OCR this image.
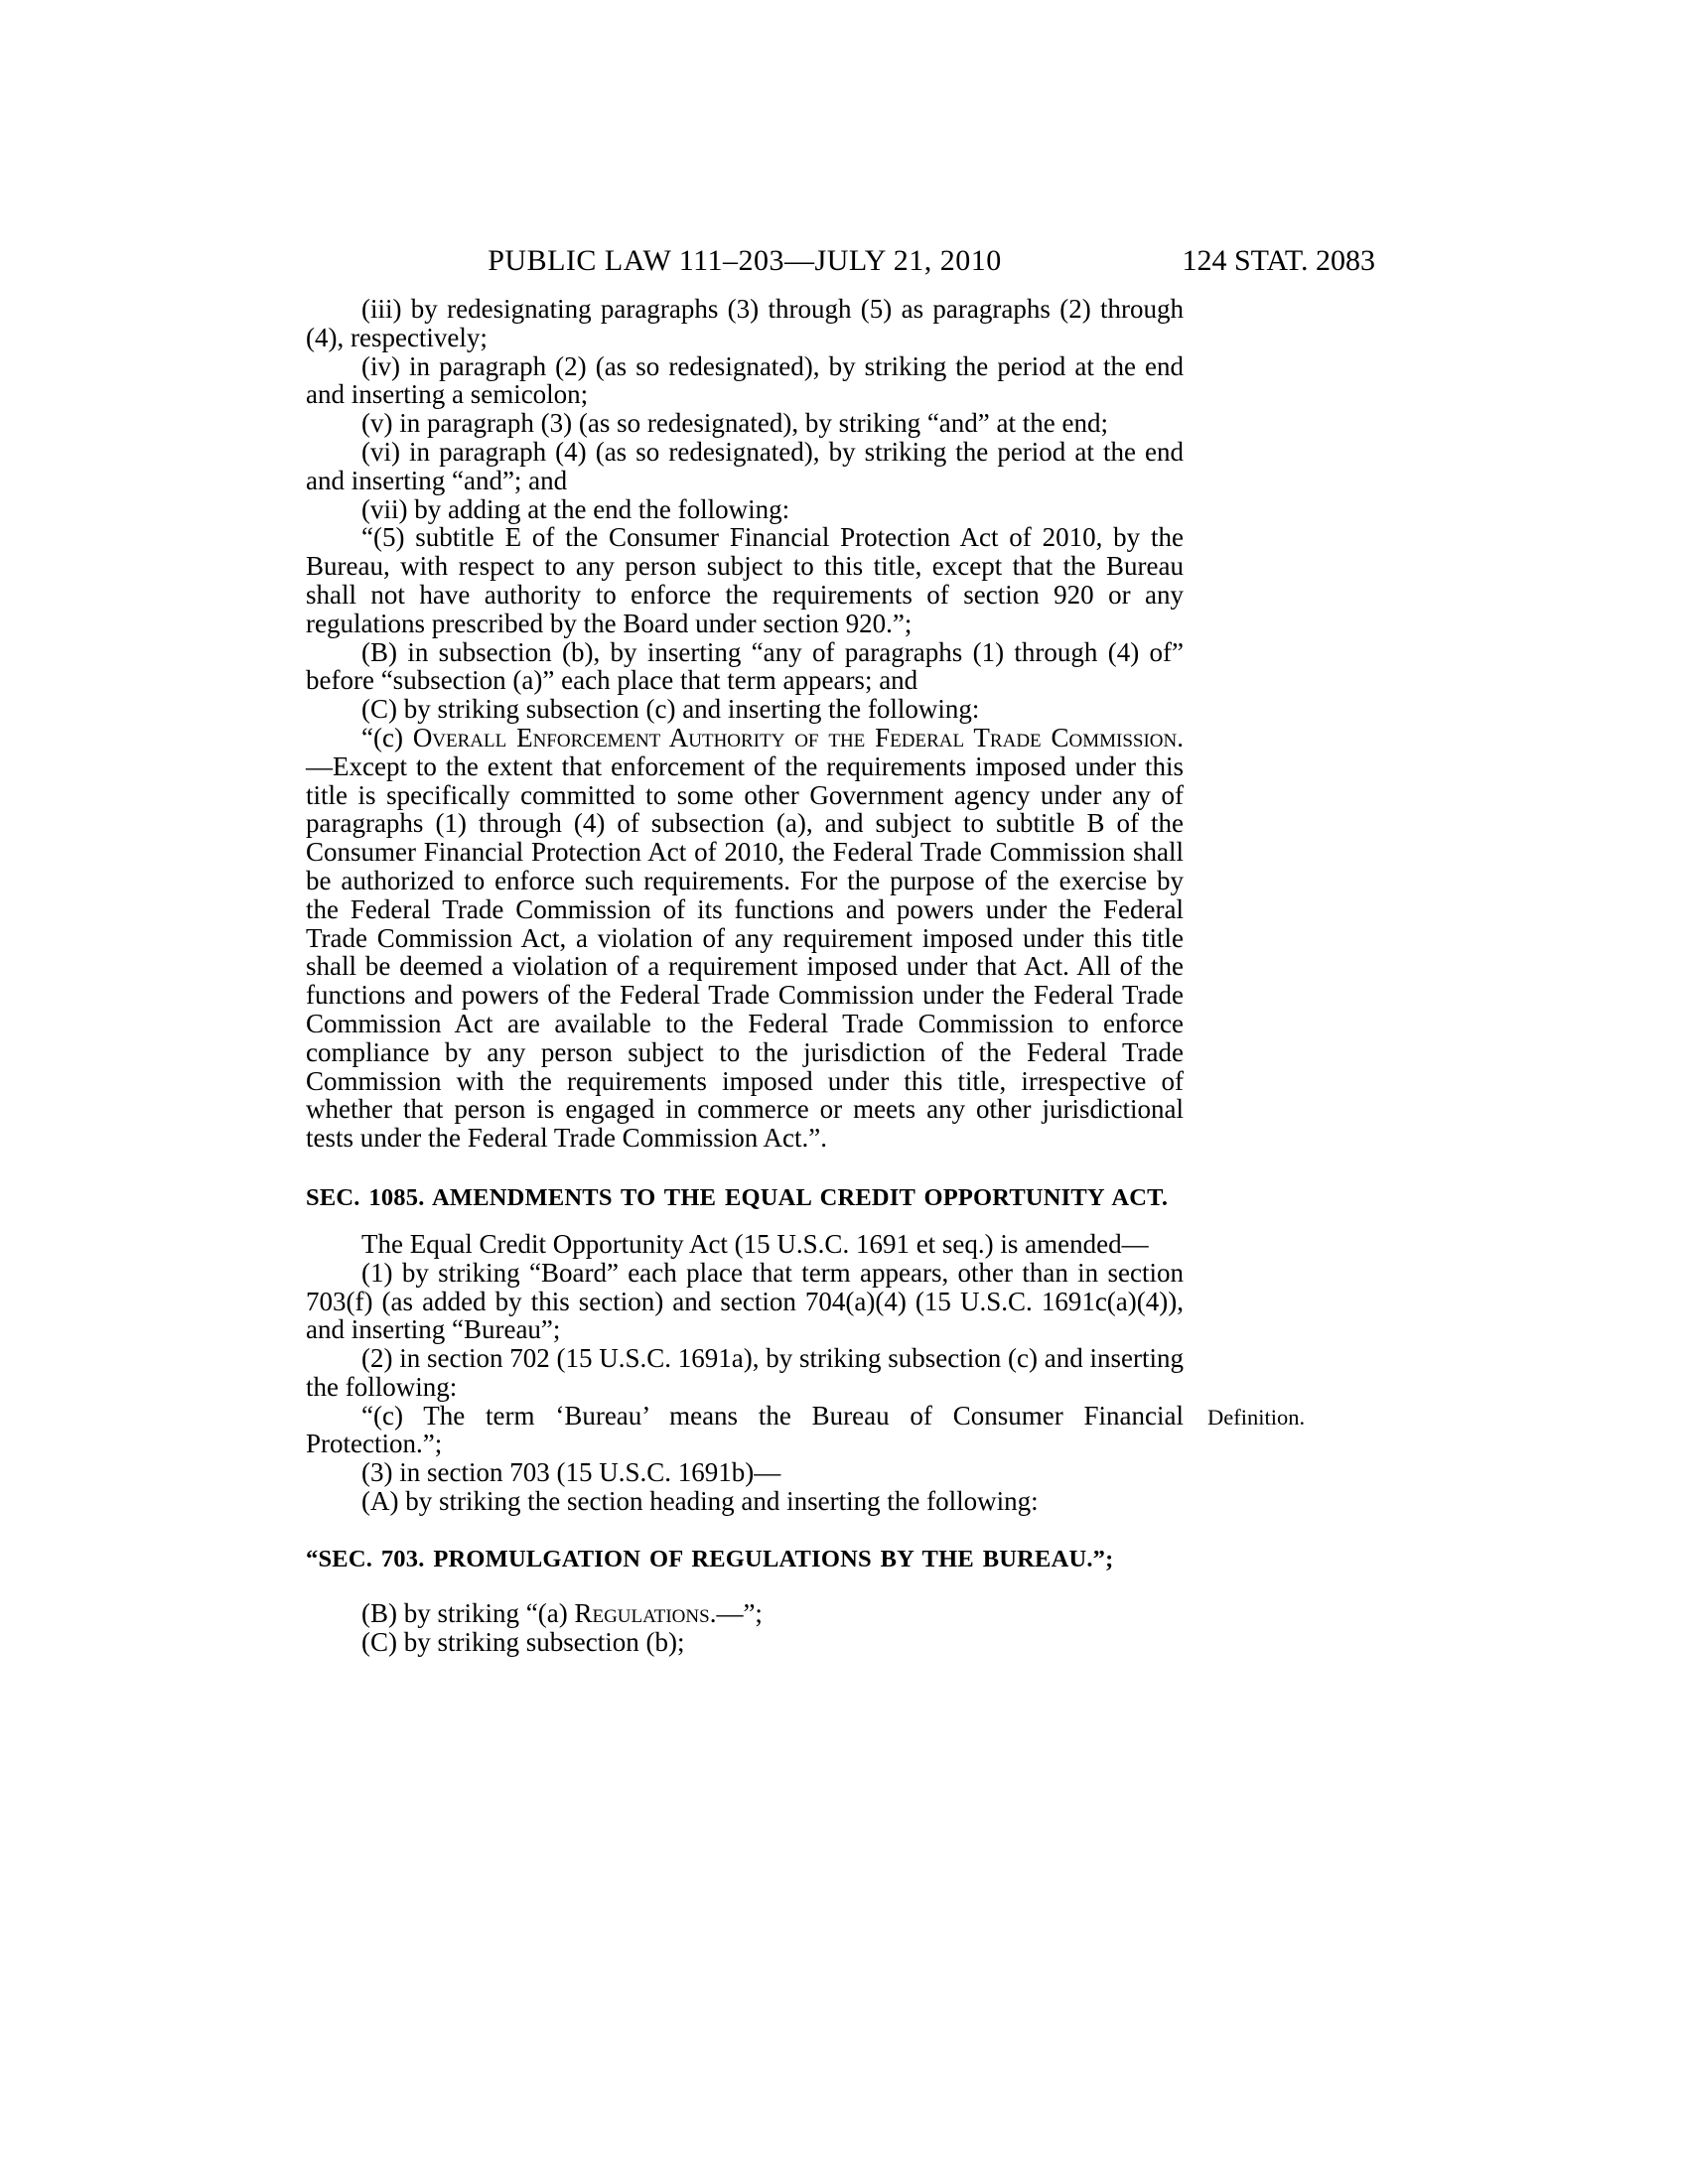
PUBLIC LAW 111–203—JULY 21, 2010	124 STAT. 2083

(iii) by redesignating paragraphs (3) through (5) as paragraphs (2) through (4), respectively;

(iv) in paragraph (2) (as so redesignated), by striking the period at the end and inserting a semicolon;

(v) in paragraph (3) (as so redesignated), by striking “and” at the end;

(vi) in paragraph (4) (as so redesignated), by striking the period at the end and inserting “and”; and

(vii) by adding at the end the following:

“(5) subtitle E of the Consumer Financial Protection Act of 2010, by the Bureau, with respect to any person subject to this title, except that the Bureau shall not have authority to enforce the requirements of section 920 or any regulations prescribed by the Board under section 920.”;

(B) in subsection (b), by inserting “any of paragraphs (1) through (4) of” before “subsection (a)” each place that term appears; and

(C) by striking subsection (c) and inserting the following:

“(c) Overall Enforcement Authority of the Federal Trade Commission.—Except to the extent that enforcement of the requirements imposed under this title is specifically committed to some other Government agency under any of paragraphs (1) through (4) of subsection (a), and subject to subtitle B of the Consumer Financial Protection Act of 2010, the Federal Trade Commission shall be authorized to enforce such requirements. For the purpose of the exercise by the Federal Trade Commission of its functions and powers under the Federal Trade Commission Act, a violation of any requirement imposed under this title shall be deemed a violation of a requirement imposed under that Act. All of the functions and powers of the Federal Trade Commission under the Federal Trade Commission Act are available to the Federal Trade Commission to enforce compliance by any person subject to the jurisdiction of the Federal Trade Commission with the requirements imposed under this title, irrespective of whether that person is engaged in commerce or meets any other jurisdictional tests under the Federal Trade Commission Act.”.

SEC. 1085. AMENDMENTS TO THE EQUAL CREDIT OPPORTUNITY ACT.

The Equal Credit Opportunity Act (15 U.S.C. 1691 et seq.) is amended—

(1) by striking “Board” each place that term appears, other than in section 703(f) (as added by this section) and section 704(a)(4) (15 U.S.C. 1691c(a)(4)), and inserting “Bureau”;

(2) in section 702 (15 U.S.C. 1691a), by striking subsection (c) and inserting the following:

“(c) The term ‘Bureau’ means the Bureau of Consumer Financial Protection.”;
Definition.

(3) in section 703 (15 U.S.C. 1691b)—

(A) by striking the section heading and inserting the following:

“SEC. 703. PROMULGATION OF REGULATIONS BY THE BUREAU.”;

(B) by striking “(a) Regulations.—”;

(C) by striking subsection (b);
